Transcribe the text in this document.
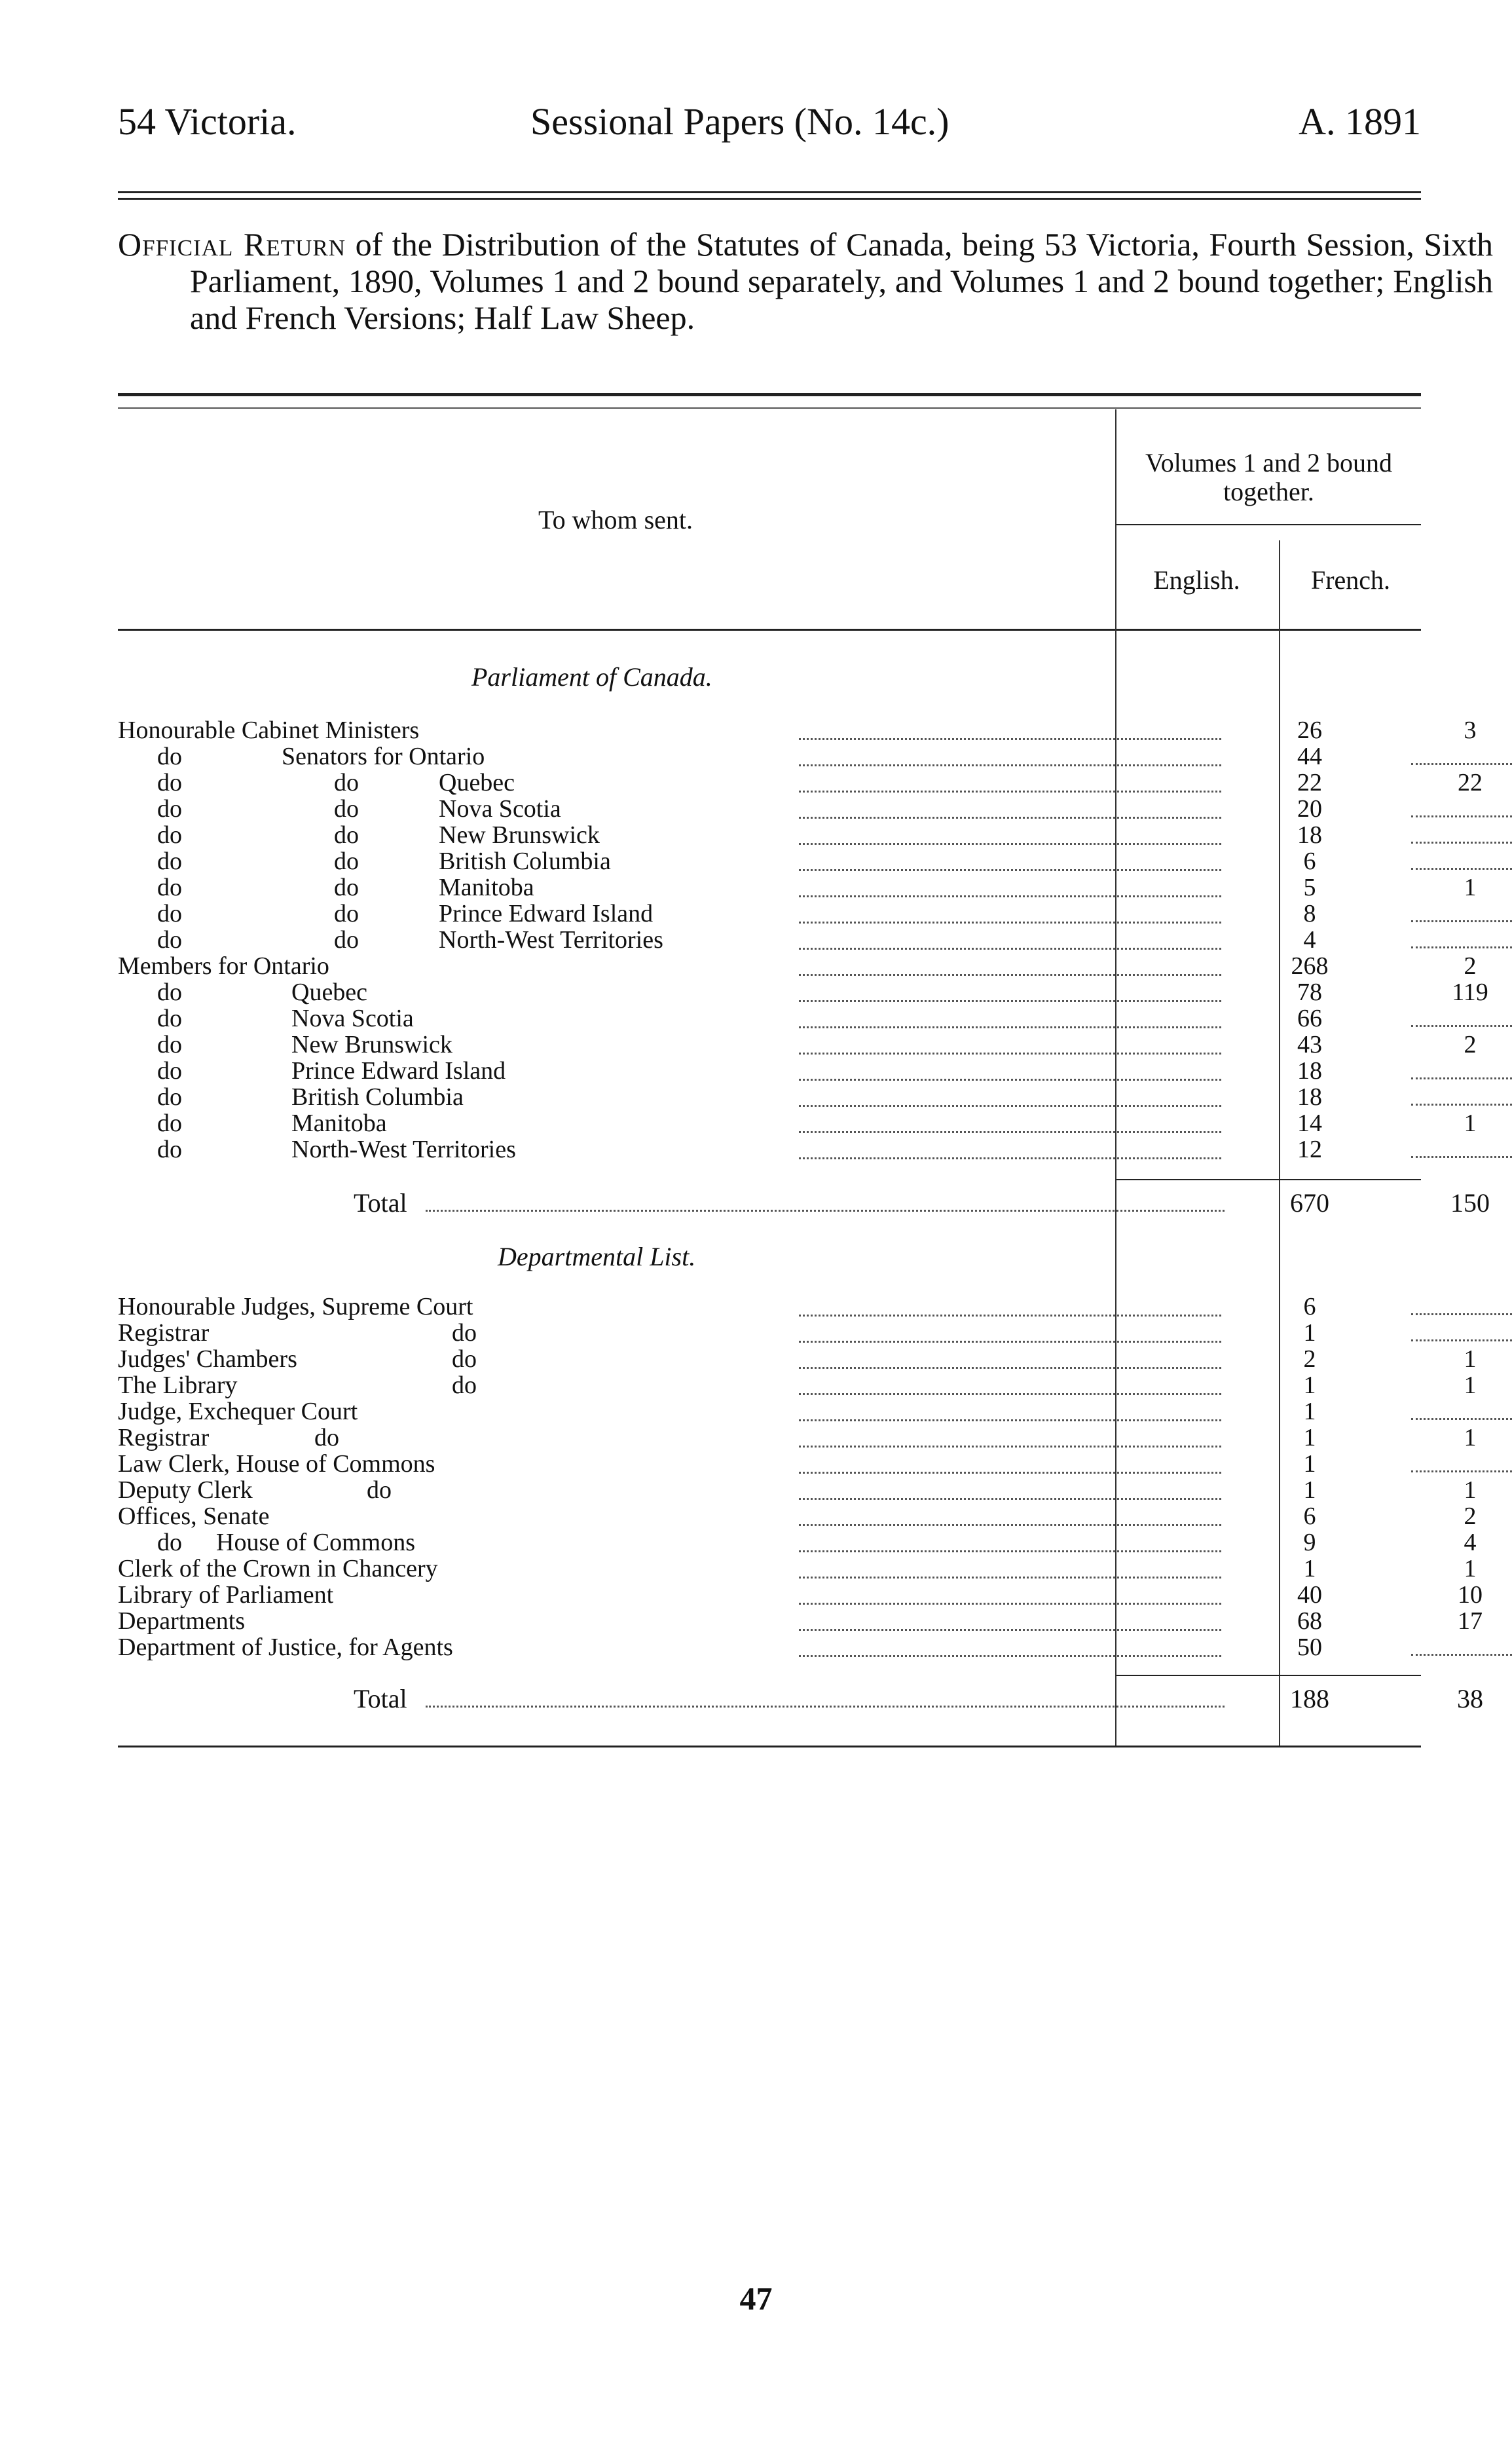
54 Victoria.	Sessional Papers (No. 14c.)	A. 1891
Official Return of the Distribution of the Statutes of Canada, being 53 Victoria, Fourth Session, Sixth Parliament, 1890, Volumes 1 and 2 bound separately, and Volumes 1 and 2 bound together; English and French Versions; Half Law Sheep.
To whom sent.
Volumes 1 and 2 bound together.
English.	French.
Parliament of Canada.
Honourable Cabinet Ministers	26	3
do	Senators for Ontario	44
do	do	Quebec	22	22
do	do	Nova Scotia	20
do	do	New Brunswick	18
do	do	British Columbia	6
do	do	Manitoba	5	1
do	do	Prince Edward Island	8
do	do	North-West Territories	4
Members for Ontario	268	2
do	Quebec	78	119
do	Nova Scotia	66
do	New Brunswick	43	2
do	Prince Edward Island	18
do	British Columbia	18
do	Manitoba	14	1
do	North-West Territories	12
Total	670	150
Departmental List.
Honourable Judges, Supreme Court	6
Registrar	do	1
Judges' Chambers	do	2	1
The Library	do	1	1
Judge, Exchequer Court	1
Registrar	do	1	1
Law Clerk, House of Commons	1
Deputy Clerk	do	1	1
Offices, Senate	6	2
do House of Commons	9	4
Clerk of the Crown in Chancery	1	1
Library of Parliament	40	10
Departments	68	17
Department of Justice, for Agents	50
Total	188	38
47
